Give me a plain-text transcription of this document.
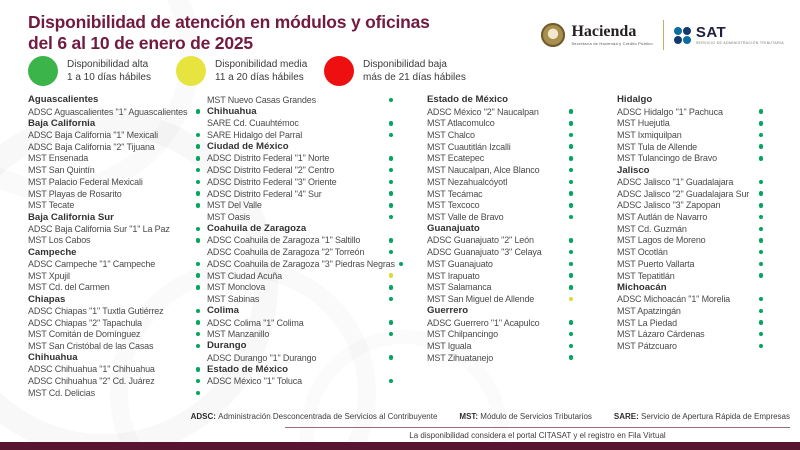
Disponibilidad de atención en módulos y oficinas
del 6 al 10 de enero de 2025
Hacienda
Secretaría de Hacienda y Crédito Público
SAT
SERVICIO DE ADMINISTRACIÓN TRIBUTARIA
Disponibilidad alta
1 a 10 días hábiles
Disponibilidad media
11 a 20 días hábiles
Disponibilidad baja
más de 21 días hábiles
Aguascalientes
ADSC Aguascalientes "1" Aguascalientes
Baja California
ADSC Baja California "1" Mexicali
ADSC Baja California "2" Tijuana
MST Ensenada
MST San Quintín
MST Palacio Federal Mexicali
MST Playas de Rosarito
MST Tecate
Baja California Sur
ADSC Baja California Sur "1" La Paz
MST Los Cabos
Campeche
ADSC Campeche "1" Campeche
MST Xpujil
MST Cd. del Carmen
Chiapas
ADSC Chiapas "1" Tuxtla Gutiérrez
ADSC Chiapas "2" Tapachula
MST Comitán de Domínguez
MST San Cristóbal de las Casas
Chihuahua
ADSC Chihuahua "1" Chihuahua
ADSC Chihuahua "2" Cd. Juárez
MST Cd. Delicias
MST Nuevo Casas Grandes
Chihuahua
SARE Cd. Cuauhtémoc
SARE Hidalgo del Parral
Ciudad de México
ADSC Distrito Federal "1" Norte
ADSC Distrito Federal "2" Centro
ADSC Distrito Federal "3" Oriente
ADSC Distrito Federal "4" Sur
MST Del Valle
MST Oasis
Coahuila de Zaragoza
ADSC Coahuila de Zaragoza "1" Saltillo
ADSC Coahuila de Zaragoza "2" Torreón
ADSC Coahuila de Zaragoza "3" Piedras Negras
MST Ciudad Acuña
MST Monclova
MST Sabinas
Colima
ADSC Colima "1" Colima
MST Manzanillo
Durango
ADSC Durango "1" Durango
Estado de México
ADSC México "1" Toluca
Estado de México
ADSC México "2" Naucalpan
MST Atlacomulco
MST Chalco
MST Cuautitlán Izcalli
MST Ecatepec
MST Naucalpan, Alce Blanco
MST Nezahualcóyotl
MST Tecámac
MST Texcoco
MST Valle de Bravo
Guanajuato
ADSC Guanajuato "2" León
ADSC Guanajuato "3" Celaya
MST Guanajuato
MST Irapuato
MST Salamanca
MST San Miguel de Allende
Guerrero
ADSC Guerrero "1" Acapulco
MST Chilpancingo
MST Iguala
MST Zihuatanejo
Hidalgo
ADSC Hidalgo "1" Pachuca
MST Huejutla
MST Ixmiquilpan
MST Tula de Allende
MST Tulancingo de Bravo
Jalisco
ADSC Jalisco "1" Guadalajara
ADSC Jalisco "2" Guadalajara Sur
ADSC Jalisco "3" Zapopan
MST Autlán de Navarro
MST Cd. Guzmán
MST Lagos de Moreno
MST Ocotlán
MST Puerto Vallarta
MST Tepatitlán
Michoacán
ADSC Michoacán "1" Morelia
MST Apatzingán
MST La Piedad
MST Lázaro Cárdenas
MST Pátzcuaro
ADSC: Administración Desconcentrada de Servicios al Contribuyente	MST: Módulo de Servicios Tributarios	SARE: Servicio de Apertura Rápida de Empresas
La disponibilidad considera el portal CITASAT y el registro en Fila Virtual
